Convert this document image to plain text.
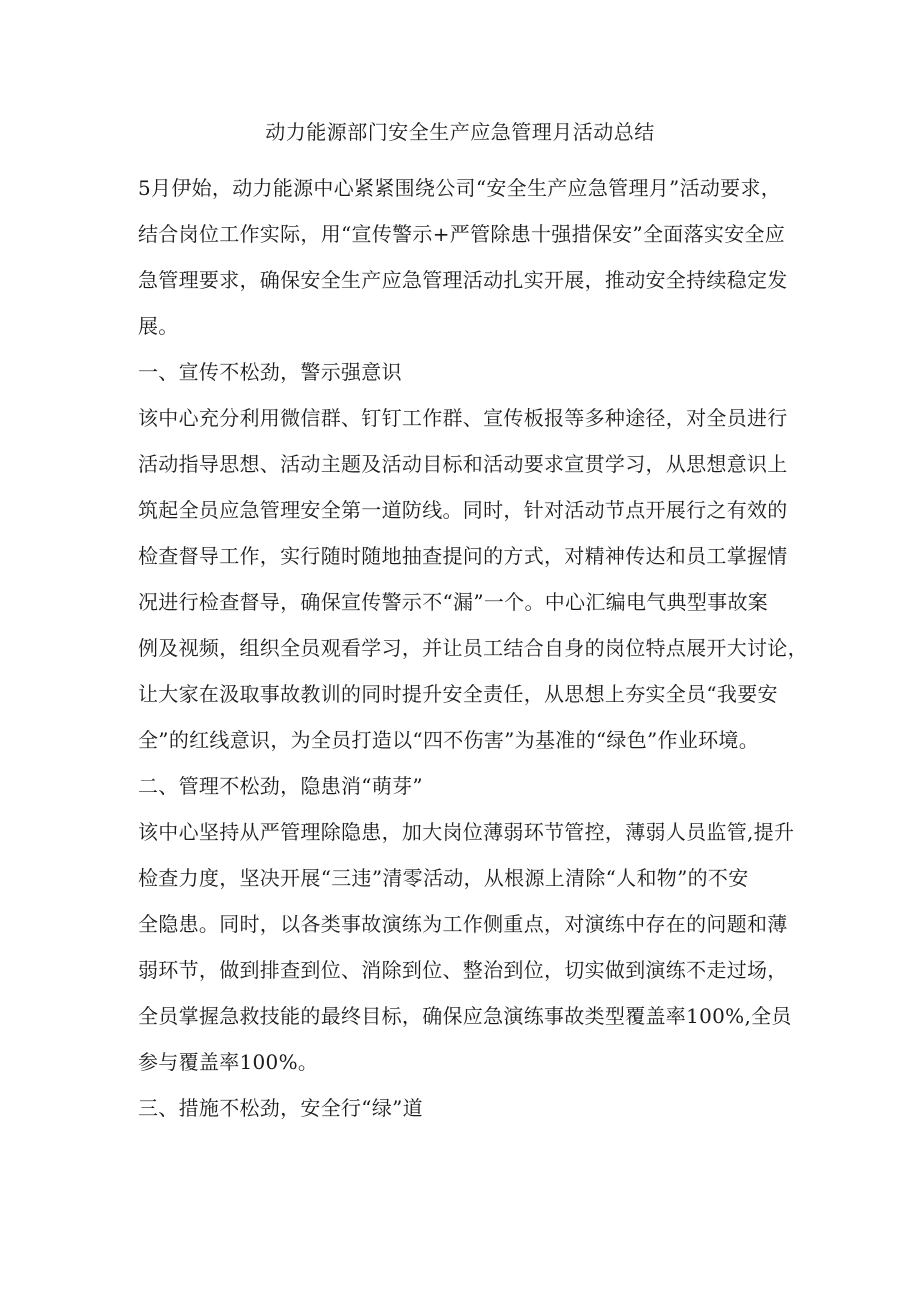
动力能源部门安全生产应急管理月活动总结
5月伊始，动力能源中心紧紧围绕公司“安全生产应急管理月”活动要求，
结合岗位工作实际，用“宣传警示+严管除患十强措保安”全面落实安全应
急管理要求，确保安全生产应急管理活动扎实开展，推动安全持续稳定发
展。
一、宣传不松劲，警示强意识
该中心充分利用微信群、钉钉工作群、宣传板报等多种途径，对全员进行
活动指导思想、活动主题及活动目标和活动要求宣贯学习，从思想意识上
筑起全员应急管理安全第一道防线。同时，针对活动节点开展行之有效的
检查督导工作，实行随时随地抽查提问的方式，对精神传达和员工掌握情
况进行检查督导，确保宣传警示不“漏”一个。中心汇编电气典型事故案
例及视频，组织全员观看学习，并让员工结合自身的岗位特点展开大讨论，
让大家在汲取事故教训的同时提升安全责任，从思想上夯实全员“我要安
全”的红线意识，为全员打造以“四不伤害”为基准的“绿色”作业环境。
二、管理不松劲，隐患消“萌芽”
该中心坚持从严管理除隐患，加大岗位薄弱环节管控，薄弱人员监管,提升
检查力度，坚决开展“三违”清零活动，从根源上清除“人和物”的不安
全隐患。同时，以各类事故演练为工作侧重点，对演练中存在的问题和薄
弱环节，做到排查到位、消除到位、整治到位，切实做到演练不走过场，
全员掌握急救技能的最终目标，确保应急演练事故类型覆盖率100%,全员
参与覆盖率100%。
三、措施不松劲，安全行“绿”道
